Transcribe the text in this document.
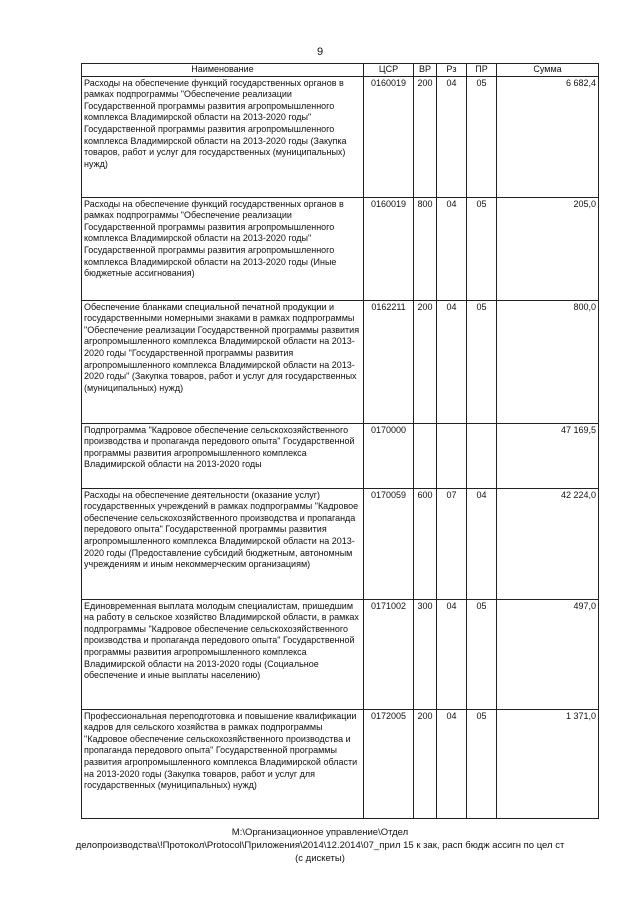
9
Наименование	ЦСР	ВР	Рз	ПР	Сумма
Расходы на обеспечение функций государственных органов в рамках подпрограммы "Обеспечение реализации Государственной программы развития агропромышленного комплекса Владимирской области на 2013-2020 годы" Государственной программы развития агропромышленного комплекса Владимирской области на 2013-2020 годы (Закупка товаров, работ и услуг для государственных (муниципальных) нужд)	0160019	200	04	05	6 682,4
Расходы на обеспечение функций государственных органов в рамках подпрограммы "Обеспечение реализации Государственной программы развития агропромышленного комплекса Владимирской области на 2013-2020 годы" Государственной программы развития агропромышленного комплекса Владимирской области на 2013-2020 годы (Иные бюджетные ассигнования)	0160019	800	04	05	205,0
Обеспечение бланками специальной печатной продукции и государственными номерными знаками в рамках подпрограммы "Обеспечение реализации Государственной программы развития агропромышленного комплекса Владимирской области на 2013-2020 годы "Государственной программы развития агропромышленного комплекса Владимирской области на 2013-2020 годы" (Закупка товаров, работ и услуг для государственных (муниципальных) нужд)	0162211	200	04	05	800,0
Подпрограмма "Кадровое обеспечение сельскохозяйственного производства и пропаганда передового опыта" Государственной программы развития агропромышленного комплекса Владимирской области на 2013-2020 годы	0170000				47 169,5
Расходы на обеспечение деятельности (оказание услуг) государственных учреждений в рамках подпрограммы "Кадровое обеспечение сельскохозяйственного производства и пропаганда передового опыта" Государственной программы развития агропромышленного комплекса Владимирской области на 2013-2020 годы (Предоставление субсидий бюджетным, автономным учреждениям и иным некоммерческим организациям)	0170059	600	07	04	42 224,0
Единовременная выплата молодым специалистам, пришедшим на работу в сельское хозяйство Владимирской области, в рамках подпрограммы "Кадровое обеспечение сельскохозяйственного производства и пропаганда передового опыта" Государственной программы развития агропромышленного комплекса Владимирской области на 2013-2020 годы (Социальное обеспечение и иные выплаты населению)	0171002	300	04	05	497,0
Профессиональная переподготовка и повышение квалификации кадров для сельского хозяйства в рамках подпрограммы "Кадровое обеспечение сельскохозяйственного производства и пропаганда передового опыта" Государственной программы развития агропромышленного комплекса Владимирской области на 2013-2020 годы (Закупка товаров, работ и услуг для государственных (муниципальных) нужд)	0172005	200	04	05	1 371,0
M:\Организационное управление\Отдел
делопроизводства\!Протокол\Protocol\Приложения\2014\12.2014\07_прил 15 к зак, расп бюдж ассигн по цел ст
(с дискеты)
